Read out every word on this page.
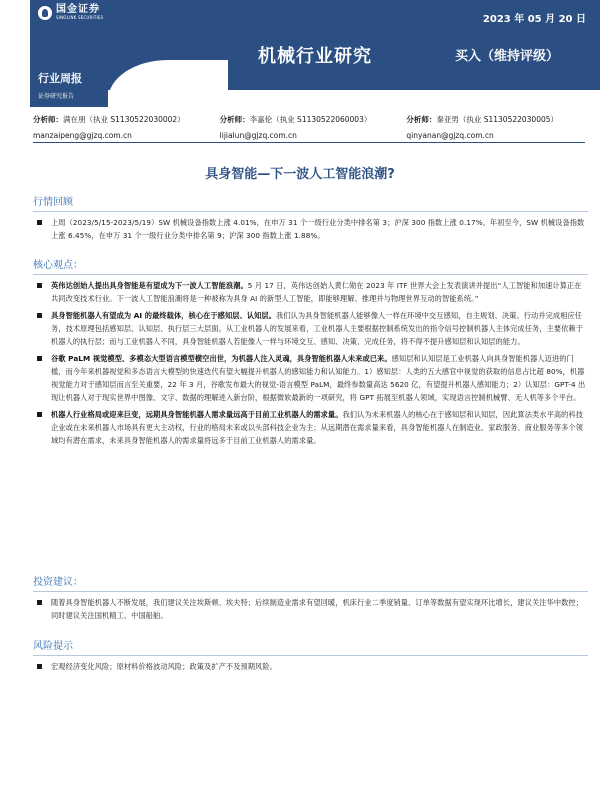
国金证券
SINOLINK SECURITIES	2023 年 05 月 20 日
机械行业研究	买入（维持评级）
行业周报
证券研究报告
分析师：满在朋（执业 S1130522030002）
manzaipeng@gjzq.com.cn
分析师：李嘉伦（执业 S1130522060003）
lijialun@gjzq.com.cn
分析师：秦亚男（执业 S1130522030005）
qinyanan@gjzq.com.cn
具身智能—下一波人工智能浪潮?
行情回顾
上周（2023/5/15-2023/5/19）SW 机械设备指数上涨 4.01%，在申万 31 个一级行业分类中排名第 3；沪深 300 指数上涨 0.17%。年初至今，SW 机械设备指数上涨 6.45%，在申万 31 个一级行业分类中排名第 9；沪深 300 指数上涨 1.88%。
核心观点：
英伟达创始人提出具身智能是有望成为下一波人工智能浪潮。5 月 17 日，英伟达创始人黄仁勋在 2023 年 ITF 世界大会上发表演讲并提出“人工智能和加速计算正在共同改变技术行业。下一波人工智能浪潮将是一种被称为具身 AI 的新型人工智能，即能够理解、推理并与物理世界互动的智能系统。”
具身智能机器人有望成为 AI 的最终载体，核心在于感知层、认知层。我们认为具身智能机器人能够像人一样在环境中交互感知，自主规划、决策、行动并完成相应任务，技术原理包括感知层、认知层、执行层三大层面。从工业机器人的发展来看，工业机器人主要根据控制系统发出的指令信号控制机器人主体完成任务，主要依赖于机器人的执行层；而与工业机器人不同，具身智能机器人若能像人一样与环境交互、感知、决策、完成任务，将不得不提升感知层和认知层的能力。
谷歌 PaLM 视觉模型、多模态大型语言模型横空出世，为机器人注入灵魂，具身智能机器人未来或已来。感知层和认知层是工业机器人向具身智能机器人迈进的门槛，而今年来机器视觉和多态语言大模型的快速迭代有望大幅提升机器人的感知能力和认知能力。1）感知层：人类的五大感官中视觉的获取的信息占比超 80%，机器视觉能力对于感知层而言至关重要，22 年 3 月，谷歌发布最大的视觉-语言模型 PaLM，最终参数量高达 5620 亿，有望提升机器人感知能力；2）认知层：GPT-4 出现让机器人对于现实世界中图像、文字、数据的理解进入新台阶，根据微软最新的一项研究，将 GPT 拓展至机器人领域，实现语言控制机械臂、无人机等多个平台。
机器人行业格局或迎来巨变，远期具身智能机器人需求量远高于目前工业机器人的需求量。我们认为未来机器人的核心在于感知层和认知层，因此算法类水平高的科技企业或在未来机器人市场具有更大主动权，行业的格局未来或以头部科技企业为主；从远期潜在需求量来看，具身智能机器人在制造业、家政服务、商业服务等多个领域均有潜在需求，未来具身智能机器人的需求量将远多于目前工业机器人的需求量。
投资建议：
随着具身智能机器人不断发展，我们建议关注埃斯顿、埃夫特；后续制造业需求有望回暖，机床行业二季度销量、订单等数据有望实现环比增长，建议关注华中数控；同时建议关注国机精工、中国船舶。
风险提示
宏观经济变化风险；原材料价格波动风险；政策及扩产不及预期风险。
